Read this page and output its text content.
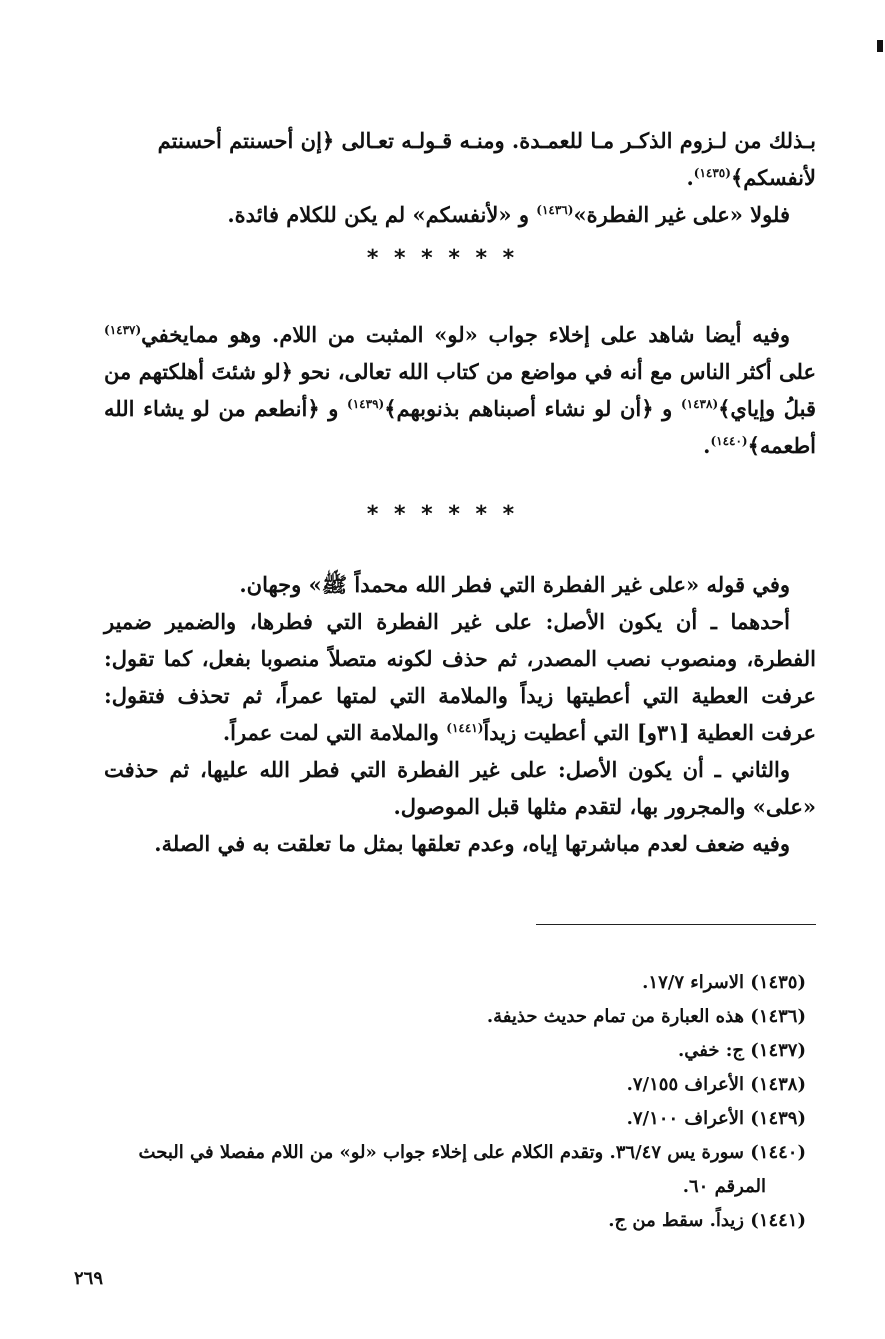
بـذلك من لـزوم الذكـر مـا للعمـدة. ومنـه قـولـه تعـالى ﴿إن أحسنتم أحسنتم

لأنفسكم﴾$^{(١٤٣٥)}$.

فلولا «على غير الفطرة»$^{(١٤٣٦)}$ و «لأنفسكم» لم يكن للكلام فائدة.

* * * * * *

وفيه أيضا شاهد على إخلاء جواب «لو» المثبت من اللام. وهو ممايخفي$^{(١٤٣٧)}$ على أكثر الناس مع أنه في مواضع من كتاب الله تعالى، نحو ﴿لو شئتَ أهلكتهم من قبلُ وإياي﴾$^{(١٤٣٨)}$ و ﴿أن لو نشاء أصبناهم بذنوبهم﴾$^{(١٤٣٩)}$ و ﴿أنطعم من لو يشاء الله أطعمه﴾$^{(١٤٤٠)}$.

* * * * * *

وفي قوله «على غير الفطرة التي فطر الله محمداً ﷺ» وجهان.

أحدهما ـ أن يكون الأصل: على غير الفطرة التي فطرها، والضمير ضمير الفطرة، ومنصوب نصب المصدر، ثم حذف لكونه متصلاً منصوبا بفعل، كما تقول: عرفت العطية التي أعطيتها زيداً والملامة التي لمتها عمراً، ثم تحذف فتقول: عرفت العطية [٣١و] التي أعطيت زيداً$^{(١٤٤١)}$ والملامة التي لمت عمراً.

والثاني ـ أن يكون الأصل: على غير الفطرة التي فطر الله عليها، ثم حذفت «على» والمجرور بها، لتقدم مثلها قبل الموصول.

وفيه ضعف لعدم مباشرتها إياه، وعدم تعلقها بمثل ما تعلقت به في الصلة.

(١٤٣٥) الاسراء ١٧/٧.

(١٤٣٦) هذه العبارة من تمام حديث حذيفة.

(١٤٣٧) ج: خفي.

(١٤٣٨) الأعراف ٧/١٥٥.

(١٤٣٩) الأعراف ٧/١٠٠.

(١٤٤٠) سورة يس ٣٦/٤٧. وتقدم الكلام على إخلاء جواب «لو» من اللام مفصلا في البحث

المرقم ٦٠.

(١٤٤١) زيداً. سقط من ج.

٢٦٩
